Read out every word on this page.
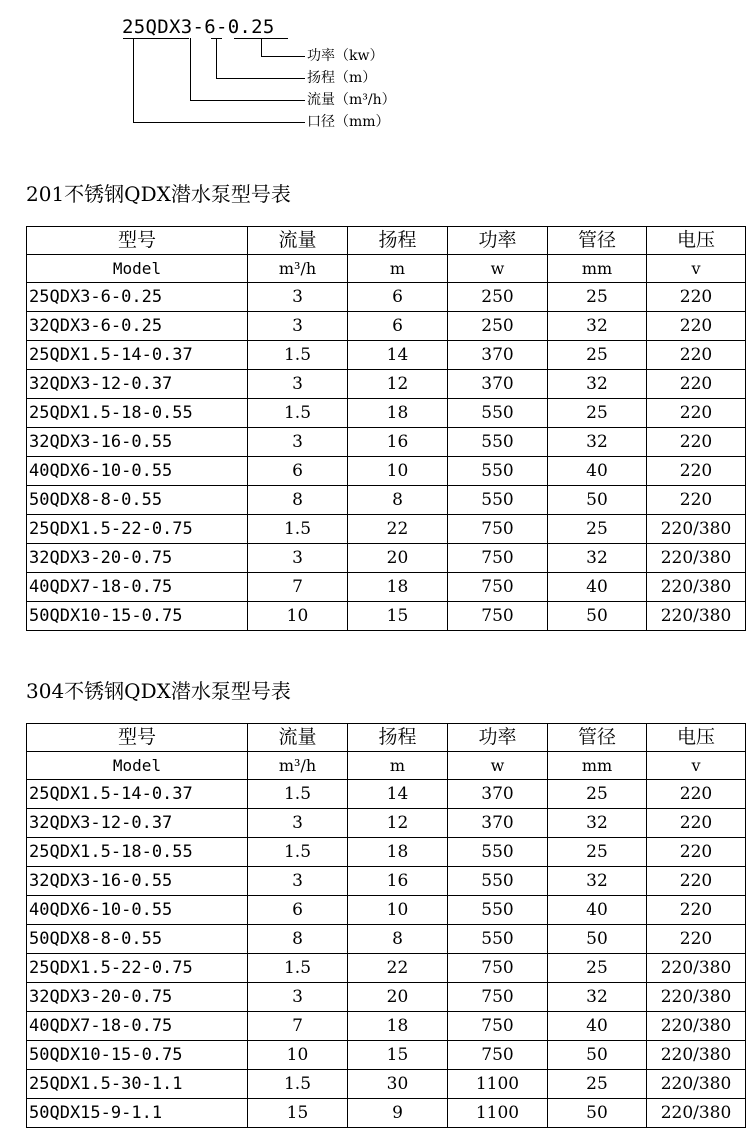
25QDX3-6-0.25
功率（kw）
扬程（m）
流量（m³/h）
口径（mm）
201不锈钢QDX潜水泵型号表
型号	流量	扬程	功率	管径	电压
Model	m³/h	m	w	mm	v
25QDX3-6-0.25	3	6	250	25	220
32QDX3-6-0.25	3	6	250	32	220
25QDX1.5-14-0.37	1.5	14	370	25	220
32QDX3-12-0.37	3	12	370	32	220
25QDX1.5-18-0.55	1.5	18	550	25	220
32QDX3-16-0.55	3	16	550	32	220
40QDX6-10-0.55	6	10	550	40	220
50QDX8-8-0.55	8	8	550	50	220
25QDX1.5-22-0.75	1.5	22	750	25	220/380
32QDX3-20-0.75	3	20	750	32	220/380
40QDX7-18-0.75	7	18	750	40	220/380
50QDX10-15-0.75	10	15	750	50	220/380
304不锈钢QDX潜水泵型号表
型号	流量	扬程	功率	管径	电压
Model	m³/h	m	w	mm	v
25QDX1.5-14-0.37	1.5	14	370	25	220
32QDX3-12-0.37	3	12	370	32	220
25QDX1.5-18-0.55	1.5	18	550	25	220
32QDX3-16-0.55	3	16	550	32	220
40QDX6-10-0.55	6	10	550	40	220
50QDX8-8-0.55	8	8	550	50	220
25QDX1.5-22-0.75	1.5	22	750	25	220/380
32QDX3-20-0.75	3	20	750	32	220/380
40QDX7-18-0.75	7	18	750	40	220/380
50QDX10-15-0.75	10	15	750	50	220/380
25QDX1.5-30-1.1	1.5	30	1100	25	220/380
50QDX15-9-1.1	15	9	1100	50	220/380
